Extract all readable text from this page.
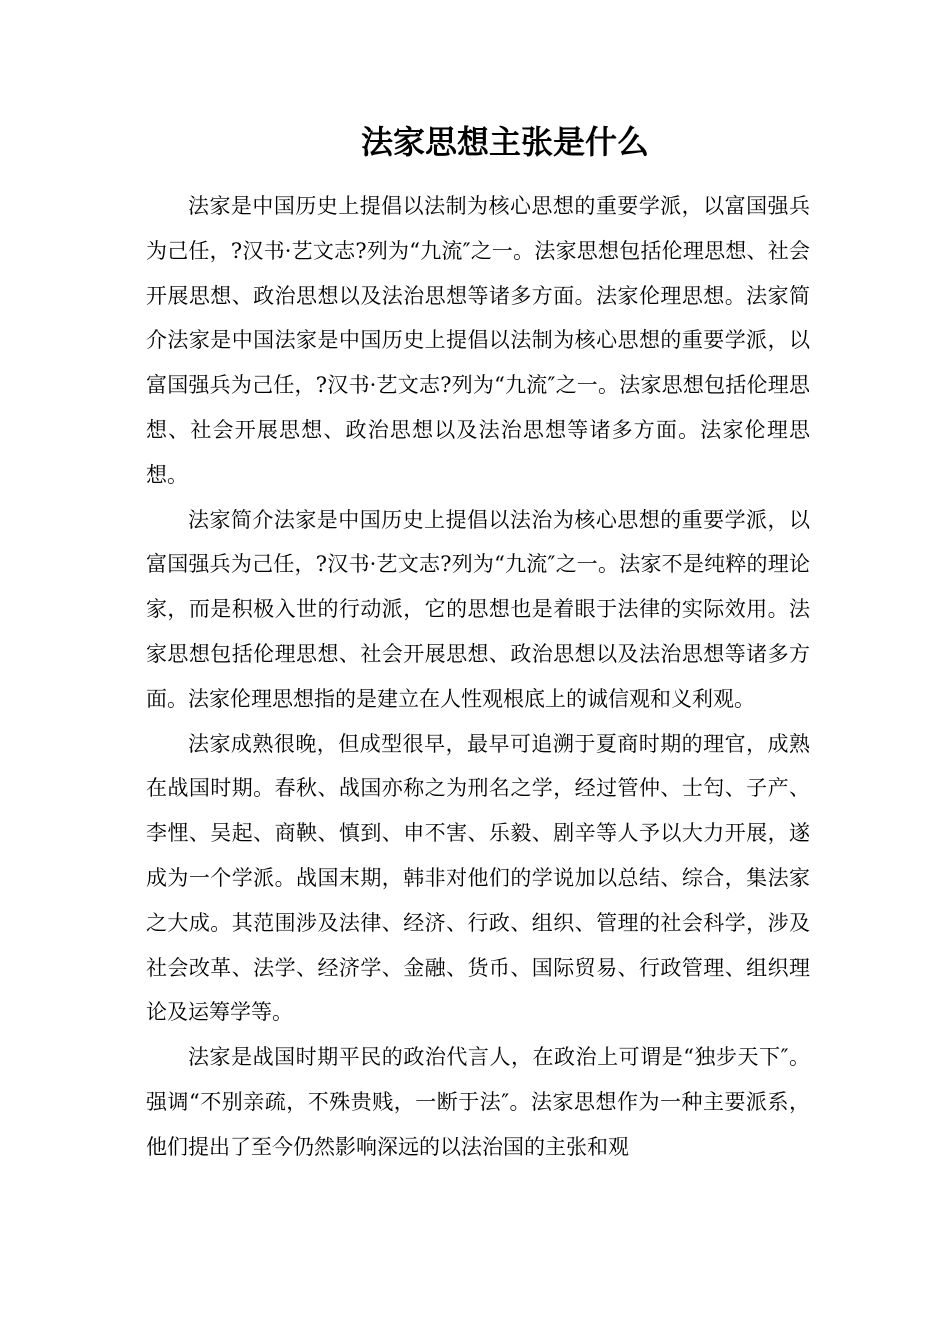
法家思想主张是什么

法家是中国历史上提倡以法制为核心思想的重要学派，以富国强兵为己任，?汉书·艺文志?列为“九流″之一。法家思想包括伦理思想、社会开展思想、政治思想以及法治思想等诸多方面。法家伦理思想。法家简介法家是中国法家是中国历史上提倡以法制为核心思想的重要学派，以富国强兵为己任，?汉书·艺文志?列为“九流″之一。法家思想包括伦理思想、社会开展思想、政治思想以及法治思想等诸多方面。法家伦理思想。

法家简介法家是中国历史上提倡以法治为核心思想的重要学派，以富国强兵为己任，?汉书·艺文志?列为“九流″之一。法家不是纯粹的理论家，而是积极入世的行动派，它的思想也是着眼于法律的实际效用。法家思想包括伦理思想、社会开展思想、政治思想以及法治思想等诸多方面。法家伦理思想指的是建立在人性观根底上的诚信观和义利观。

法家成熟很晚，但成型很早，最早可追溯于夏商时期的理官，成熟在战国时期。春秋、战国亦称之为刑名之学，经过管仲、士匄、子产、李悝、吴起、商鞅、慎到、申不害、乐毅、剧辛等人予以大力开展，遂成为一个学派。战国末期，韩非对他们的学说加以总结、综合，集法家之大成。其范围涉及法律、经济、行政、组织、管理的社会科学，涉及社会改革、法学、经济学、金融、货币、国际贸易、行政管理、组织理论及运筹学等。

法家是战国时期平民的政治代言人，在政治上可谓是“独步天下″。强调“不别亲疏，不殊贵贱，一断于法″。法家思想作为一种主要派系，他们提出了至今仍然影响深远的以法治国的主张和观
